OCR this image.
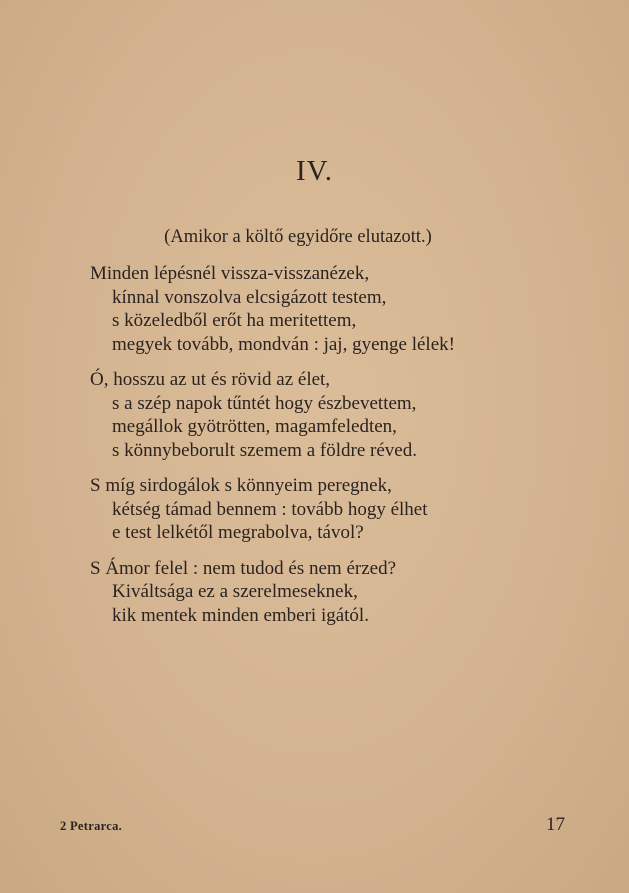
IV.

(Amikor a költő egyidőre elutazott.)

Minden lépésnél vissza-visszanézek,
kínnal vonszolva elcsigázott testem,
s közeledből erőt ha meritettem,
megyek tovább, mondván : jaj, gyenge lélek!
Ó, hosszu az ut és rövid az élet,
s a szép napok tűntét hogy észbevettem,
megállok gyötrötten, magamfeledten,
s könnybeborult szemem a földre réved.
S míg sirdogálok s könnyeim peregnek,
kétség támad bennem : tovább hogy élhet
e test lelkétől megrabolva, távol?
S Ámor felel : nem tudod és nem érzed?
Kiváltsága ez a szerelmeseknek,
kik mentek minden emberi igától.
2 Petrarca.	17
